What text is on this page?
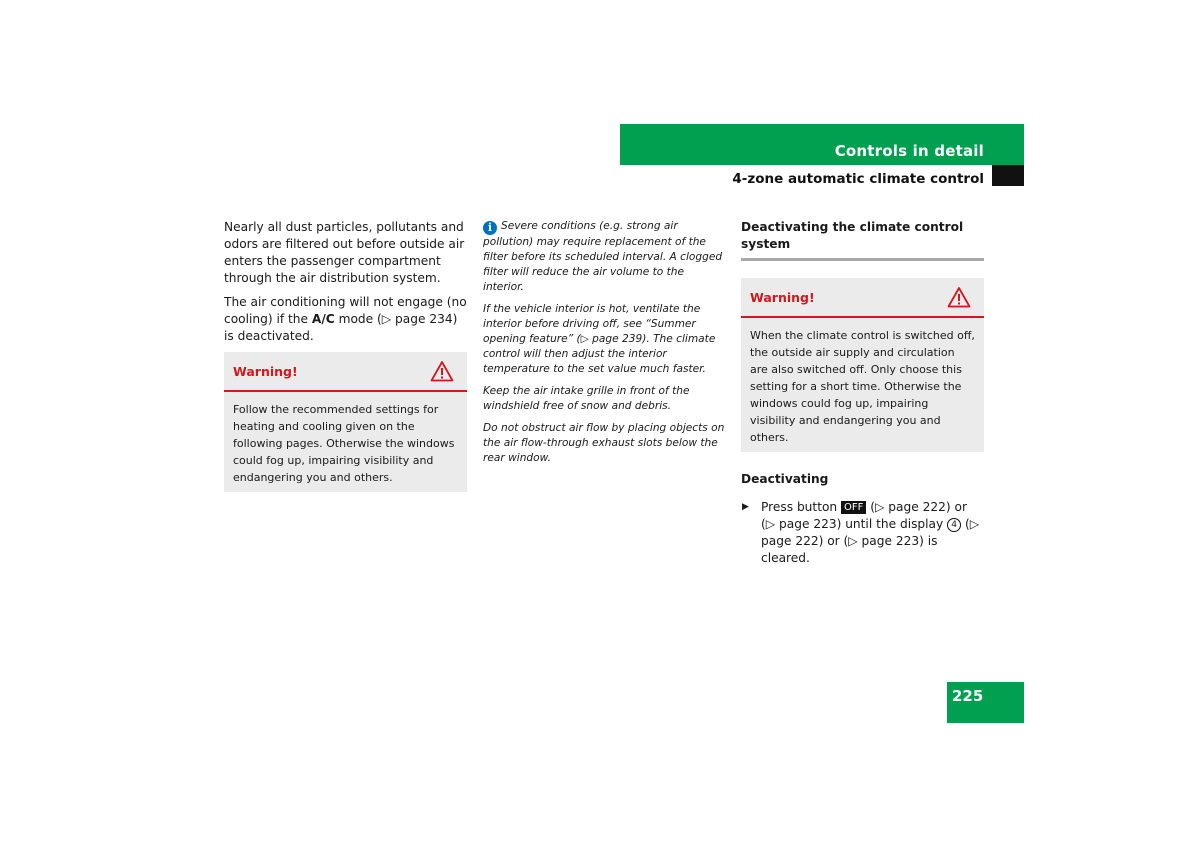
Controls in detail
4-zone automatic climate control

Nearly all dust particles, pollutants and odors are filtered out before outside air enters the passenger compartment through the air distribution system.

The air conditioning will not engage (no cooling) if the A/C mode (▷ page 234) is deactivated.

Warning!

Follow the recommended settings for heating and cooling given on the following pages. Otherwise the windows could fog up, impairing visibility and endangering you and others.

i Severe conditions (e.g. strong air pollution) may require replacement of the filter before its scheduled interval. A clogged filter will reduce the air volume to the interior.

If the vehicle interior is hot, ventilate the interior before driving off, see “Summer opening feature” (▷ page 239). The climate control will then adjust the interior temperature to the set value much faster.

Keep the air intake grille in front of the windshield free of snow and debris.

Do not obstruct air flow by placing objects on the air flow-through exhaust slots below the rear window.

Deactivating the climate control system
Warning!

When the climate control is switched off, the outside air supply and circulation are also switched off. Only choose this setting for a short time. Otherwise the windows could fog up, impairing visibility and endangering you and others.

Deactivating
▶ Press button OFF (▷ page 222) or (▷ page 223) until the display 4 (▷ page 222) or (▷ page 223) is cleared.
225
